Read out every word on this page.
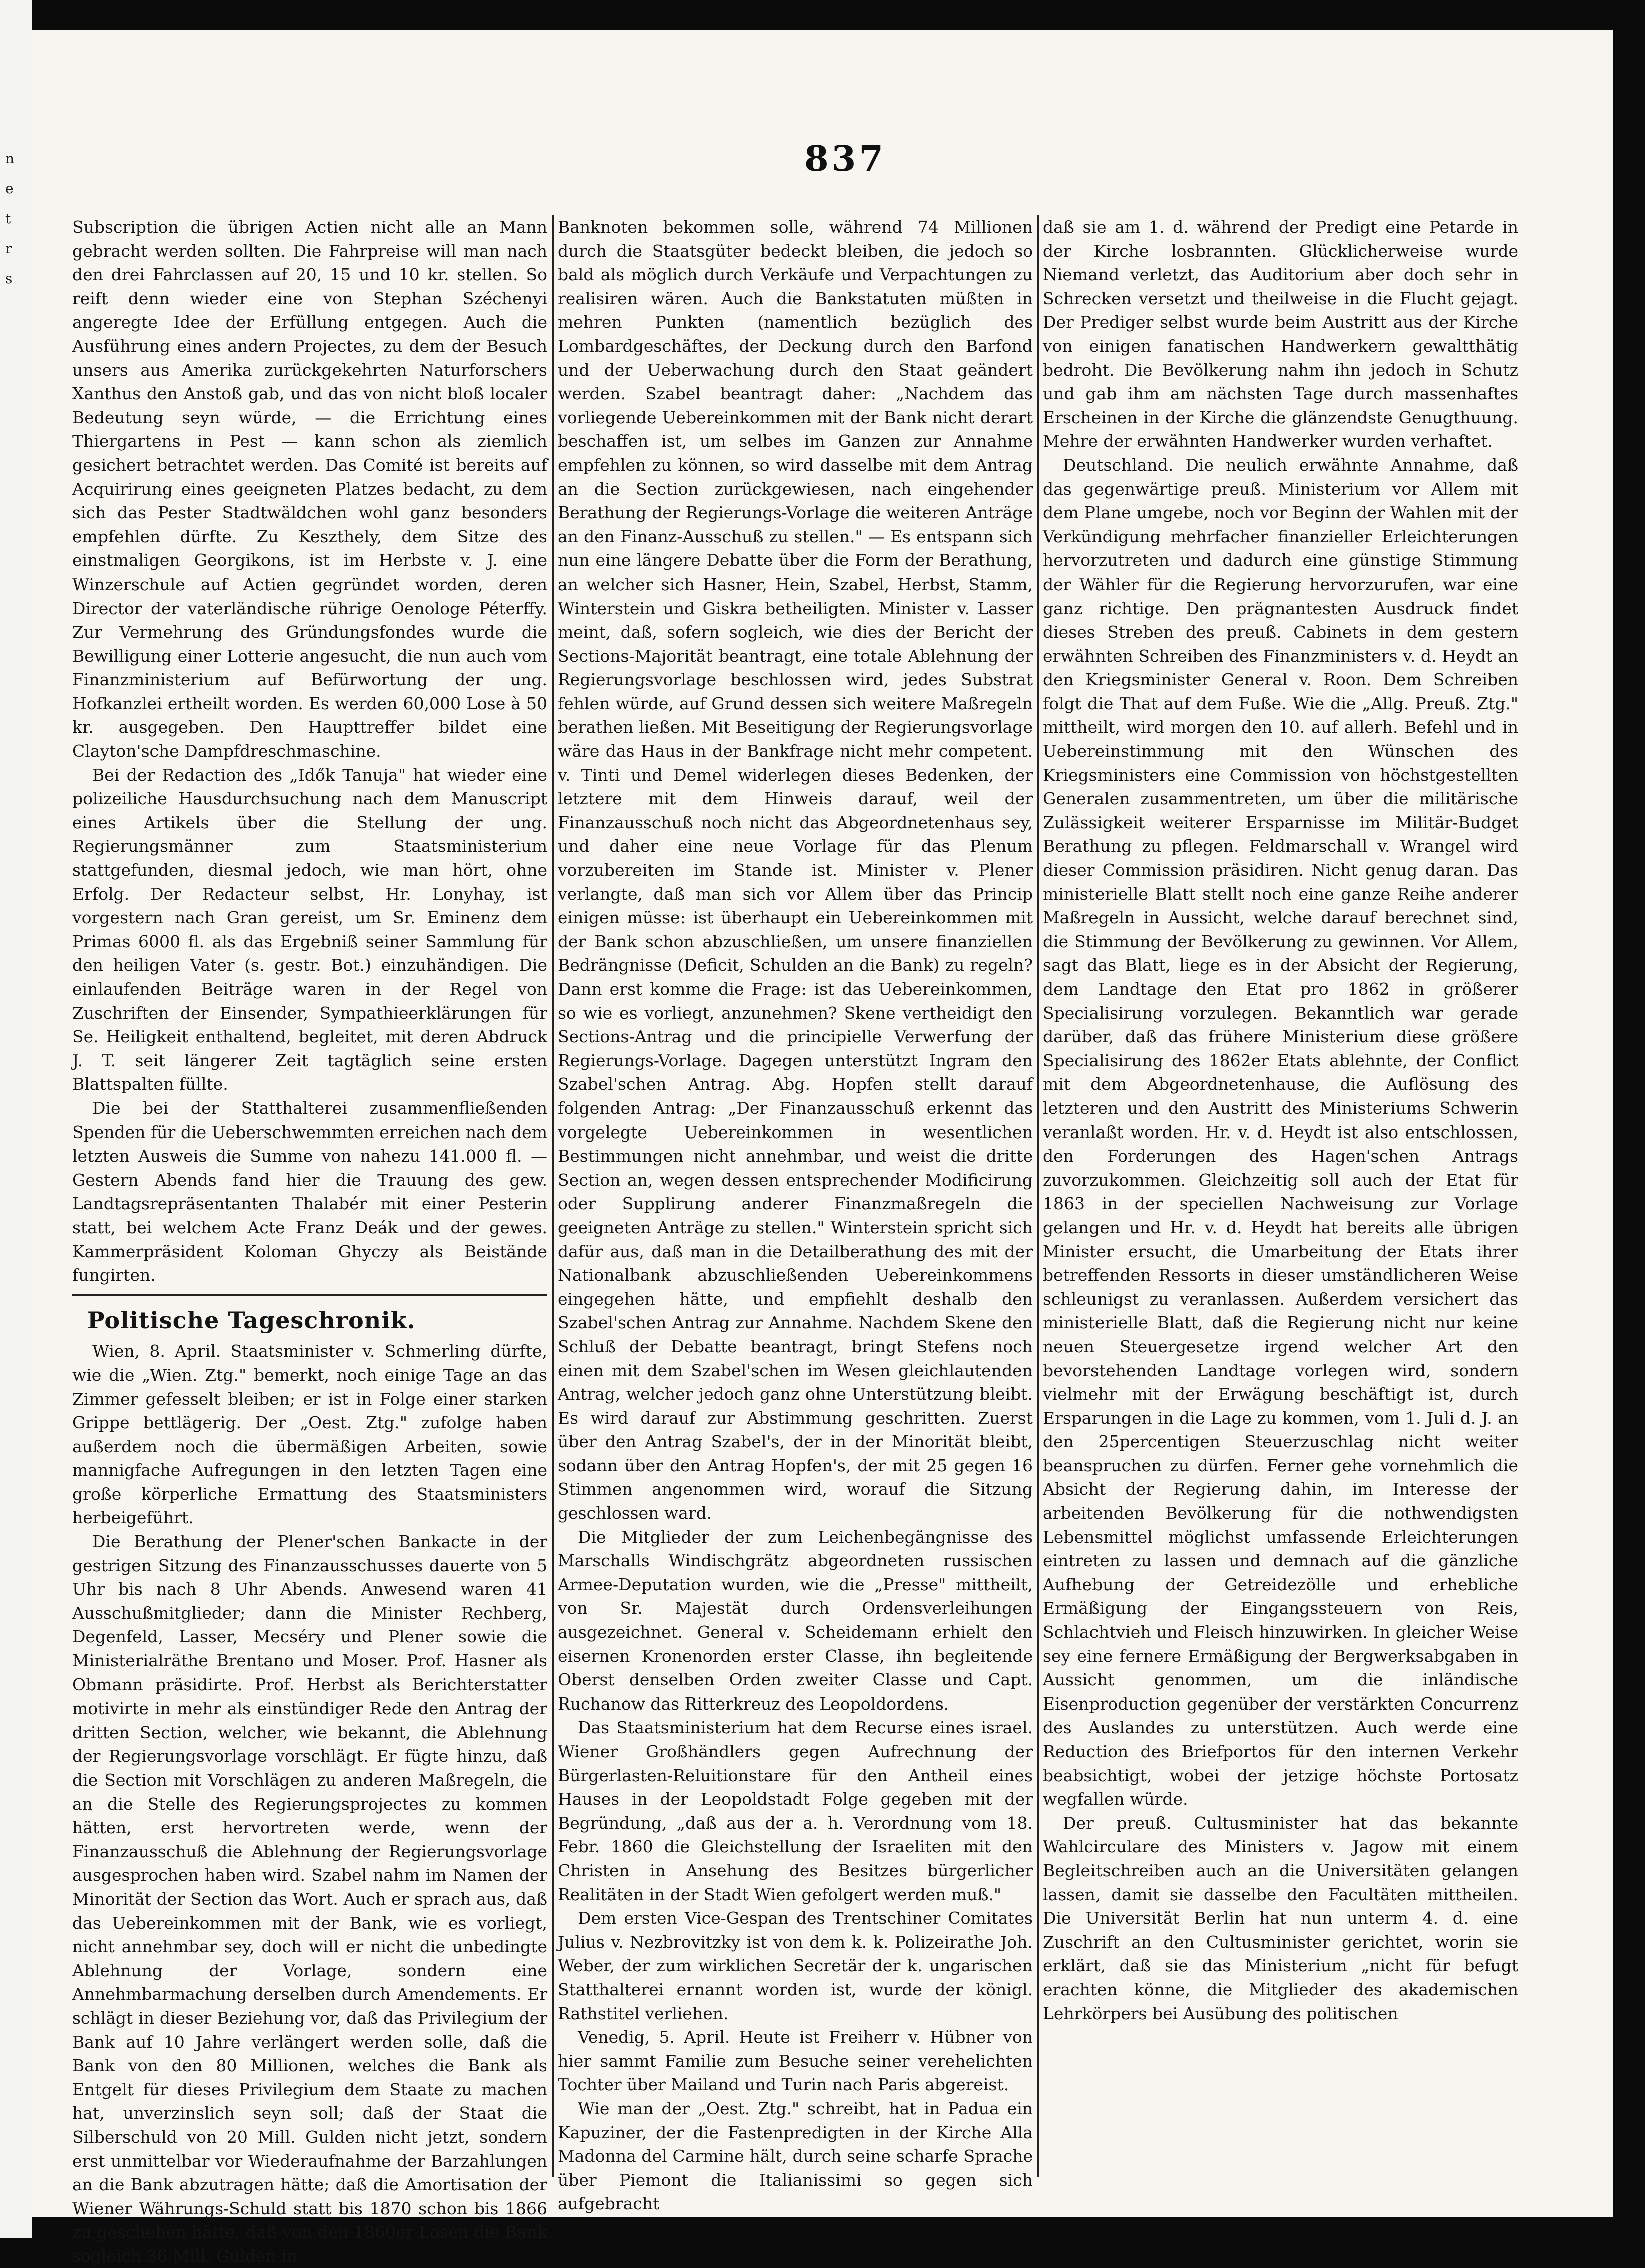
n
e
t
r
s
837

Subscription die übrigen Actien nicht alle an Mann gebracht werden sollten. Die Fahrpreise will man nach den drei Fahrclassen auf 20, 15 und 10 kr. stellen. So reift denn wieder eine von Stephan Széchenyi angeregte Idee der Erfüllung entgegen. Auch die Ausführung eines andern Projectes, zu dem der Besuch unsers aus Amerika zurückgekehrten Naturforschers Xanthus den Anstoß gab, und das von nicht bloß localer Bedeutung seyn würde, — die Errichtung eines Thiergartens in Pest — kann schon als ziemlich gesichert betrachtet werden. Das Comité ist bereits auf Acquirirung eines geeigneten Platzes bedacht, zu dem sich das Pester Stadtwäldchen wohl ganz besonders empfehlen dürfte. Zu Keszthely, dem Sitze des einstmaligen Georgikons, ist im Herbste v. J. eine Winzerschule auf Actien gegründet worden, deren Director der vaterländische rührige Oenologe Péterffy. Zur Vermehrung des Gründungsfondes wurde die Bewilligung einer Lotterie angesucht, die nun auch vom Finanzministerium auf Befürwortung der ung. Hofkanzlei ertheilt worden. Es werden 60,000 Lose à 50 kr. ausgegeben. Den Haupttreffer bildet eine Clayton'sche Dampfdreschmaschine.

Bei der Redaction des „Idők Tanuja" hat wieder eine polizeiliche Hausdurchsuchung nach dem Manuscript eines Artikels über die Stellung der ung. Regierungsmänner zum Staatsministerium stattgefunden, diesmal jedoch, wie man hört, ohne Erfolg. Der Redacteur selbst, Hr. Lonyhay, ist vorgestern nach Gran gereist, um Sr. Eminenz dem Primas 6000 fl. als das Ergebniß seiner Sammlung für den heiligen Vater (s. gestr. Bot.) einzuhändigen. Die einlaufenden Beiträge waren in der Regel von Zuschriften der Einsender, Sympathieerklärungen für Se. Heiligkeit enthaltend, begleitet, mit deren Abdruck J. T. seit längerer Zeit tagtäglich seine ersten Blattspalten füllte.

Die bei der Statthalterei zusammenfließenden Spenden für die Ueberschwemmten erreichen nach dem letzten Ausweis die Summe von nahezu 141.000 fl. — Gestern Abends fand hier die Trauung des gew. Landtagsrepräsentanten Thalabér mit einer Pesterin statt, bei welchem Acte Franz Deák und der gewes. Kammerpräsident Koloman Ghyczy als Beistände fungirten.

Politische Tageschronik.

Wien, 8. April. Staatsminister v. Schmerling dürfte, wie die „Wien. Ztg." bemerkt, noch einige Tage an das Zimmer gefesselt bleiben; er ist in Folge einer starken Grippe bettlägerig. Der „Oest. Ztg." zufolge haben außerdem noch die übermäßigen Arbeiten, sowie mannigfache Aufregungen in den letzten Tagen eine große körperliche Ermattung des Staatsministers herbeigeführt.

Die Berathung der Plener'schen Bankacte in der gestrigen Sitzung des Finanzausschusses dauerte von 5 Uhr bis nach 8 Uhr Abends. Anwesend waren 41 Ausschußmitglieder; dann die Minister Rechberg, Degenfeld, Lasser, Mecséry und Plener sowie die Ministerialräthe Brentano und Moser. Prof. Hasner als Obmann präsidirte. Prof. Herbst als Berichterstatter motivirte in mehr als einstündiger Rede den Antrag der dritten Section, welcher, wie bekannt, die Ablehnung der Regierungsvorlage vorschlägt. Er fügte hinzu, daß die Section mit Vorschlägen zu anderen Maßregeln, die an die Stelle des Regierungsprojectes zu kommen hätten, erst hervortreten werde, wenn der Finanzausschuß die Ablehnung der Regierungsvorlage ausgesprochen haben wird. Szabel nahm im Namen der Minorität der Section das Wort. Auch er sprach aus, daß das Uebereinkommen mit der Bank, wie es vorliegt, nicht annehmbar sey, doch will er nicht die unbedingte Ablehnung der Vorlage, sondern eine Annehmbarmachung derselben durch Amendements. Er schlägt in dieser Beziehung vor, daß das Privilegium der Bank auf 10 Jahre verlängert werden solle, daß die Bank von den 80 Millionen, welches die Bank als Entgelt für dieses Privilegium dem Staate zu machen hat, unverzinslich seyn soll; daß der Staat die Silberschuld von 20 Mill. Gulden nicht jetzt, sondern erst unmittelbar vor Wiederaufnahme der Barzahlungen an die Bank abzutragen hätte; daß die Amortisation der Wiener Währungs-Schuld statt bis 1870 schon bis 1866 zu geschehen hätte, daß von den 1860er Losen die Bank sogleich 36 Mill. Gulden in

Banknoten bekommen solle, während 74 Millionen durch die Staatsgüter bedeckt bleiben, die jedoch so bald als möglich durch Verkäufe und Verpachtungen zu realisiren wären. Auch die Bankstatuten müßten in mehren Punkten (namentlich bezüglich des Lombardgeschäftes, der Deckung durch den Barfond und der Ueberwachung durch den Staat geändert werden. Szabel beantragt daher: „Nachdem das vorliegende Uebereinkommen mit der Bank nicht derart beschaffen ist, um selbes im Ganzen zur Annahme empfehlen zu können, so wird dasselbe mit dem Antrag an die Section zurückgewiesen, nach eingehender Berathung der Regierungs-Vorlage die weiteren Anträge an den Finanz-Ausschuß zu stellen." — Es entspann sich nun eine längere Debatte über die Form der Berathung, an welcher sich Hasner, Hein, Szabel, Herbst, Stamm, Winterstein und Giskra betheiligten. Minister v. Lasser meint, daß, sofern sogleich, wie dies der Bericht der Sections-Majorität beantragt, eine totale Ablehnung der Regierungsvorlage beschlossen wird, jedes Substrat fehlen würde, auf Grund dessen sich weitere Maßregeln berathen ließen. Mit Beseitigung der Regierungsvorlage wäre das Haus in der Bankfrage nicht mehr competent. v. Tinti und Demel widerlegen dieses Bedenken, der letztere mit dem Hinweis darauf, weil der Finanzausschuß noch nicht das Abgeordnetenhaus sey, und daher eine neue Vorlage für das Plenum vorzubereiten im Stande ist. Minister v. Plener verlangte, daß man sich vor Allem über das Princip einigen müsse: ist überhaupt ein Uebereinkommen mit der Bank schon abzuschließen, um unsere finanziellen Bedrängnisse (Deficit, Schulden an die Bank) zu regeln? Dann erst komme die Frage: ist das Uebereinkommen, so wie es vorliegt, anzunehmen? Skene vertheidigt den Sections-Antrag und die principielle Verwerfung der Regierungs-Vorlage. Dagegen unterstützt Ingram den Szabel'schen Antrag. Abg. Hopfen stellt darauf folgenden Antrag: „Der Finanzausschuß erkennt das vorgelegte Uebereinkommen in wesentlichen Bestimmungen nicht annehmbar, und weist die dritte Section an, wegen dessen entsprechender Modificirung oder Supplirung anderer Finanzmaßregeln die geeigneten Anträge zu stellen." Winterstein spricht sich dafür aus, daß man in die Detailberathung des mit der Nationalbank abzuschließenden Uebereinkommens eingegehen hätte, und empfiehlt deshalb den Szabel'schen Antrag zur Annahme. Nachdem Skene den Schluß der Debatte beantragt, bringt Stefens noch einen mit dem Szabel'schen im Wesen gleichlautenden Antrag, welcher jedoch ganz ohne Unterstützung bleibt. Es wird darauf zur Abstimmung geschritten. Zuerst über den Antrag Szabel's, der in der Minorität bleibt, sodann über den Antrag Hopfen's, der mit 25 gegen 16 Stimmen angenommen wird, worauf die Sitzung geschlossen ward.

Die Mitglieder der zum Leichenbegängnisse des Marschalls Windischgrätz abgeordneten russischen Armee-Deputation wurden, wie die „Presse" mittheilt, von Sr. Majestät durch Ordensverleihungen ausgezeichnet. General v. Scheidemann erhielt den eisernen Kronenorden erster Classe, ihn begleitende Oberst denselben Orden zweiter Classe und Capt. Ruchanow das Ritterkreuz des Leopoldordens.

Das Staatsministerium hat dem Recurse eines israel. Wiener Großhändlers gegen Aufrechnung der Bürgerlasten-Reluitionstare für den Antheil eines Hauses in der Leopoldstadt Folge gegeben mit der Begründung, „daß aus der a. h. Verordnung vom 18. Febr. 1860 die Gleichstellung der Israeliten mit den Christen in Ansehung des Besitzes bürgerlicher Realitäten in der Stadt Wien gefolgert werden muß."

Dem ersten Vice-Gespan des Trentschiner Comitates Julius v. Nezbrovitzky ist von dem k. k. Polizeirathe Joh. Weber, der zum wirklichen Secretär der k. ungarischen Statthalterei ernannt worden ist, wurde der königl. Rathstitel verliehen.

Venedig, 5. April. Heute ist Freiherr v. Hübner von hier sammt Familie zum Besuche seiner verehelichten Tochter über Mailand und Turin nach Paris abgereist.

Wie man der „Oest. Ztg." schreibt, hat in Padua ein Kapuziner, der die Fastenpredigten in der Kirche Alla Madonna del Carmine hält, durch seine scharfe Sprache über Piemont die Italianissimi so gegen sich aufgebracht

daß sie am 1. d. während der Predigt eine Petarde in der Kirche losbrannten. Glücklicherweise wurde Niemand verletzt, das Auditorium aber doch sehr in Schrecken versetzt und theilweise in die Flucht gejagt. Der Prediger selbst wurde beim Austritt aus der Kirche von einigen fanatischen Handwerkern gewaltthätig bedroht. Die Bevölkerung nahm ihn jedoch in Schutz und gab ihm am nächsten Tage durch massenhaftes Erscheinen in der Kirche die glänzendste Genugthuung. Mehre der erwähnten Handwerker wurden verhaftet.

Deutschland. Die neulich erwähnte Annahme, daß das gegenwärtige preuß. Ministerium vor Allem mit dem Plane umgebe, noch vor Beginn der Wahlen mit der Verkündigung mehrfacher finanzieller Erleichterungen hervorzutreten und dadurch eine günstige Stimmung der Wähler für die Regierung hervorzurufen, war eine ganz richtige. Den prägnantesten Ausdruck findet dieses Streben des preuß. Cabinets in dem gestern erwähnten Schreiben des Finanzministers v. d. Heydt an den Kriegsminister General v. Roon. Dem Schreiben folgt die That auf dem Fuße. Wie die „Allg. Preuß. Ztg." mittheilt, wird morgen den 10. auf allerh. Befehl und in Uebereinstimmung mit den Wünschen des Kriegsministers eine Commission von höchstgestellten Generalen zusammentreten, um über die militärische Zulässigkeit weiterer Ersparnisse im Militär-Budget Berathung zu pflegen. Feldmarschall v. Wrangel wird dieser Commission präsidiren. Nicht genug daran. Das ministerielle Blatt stellt noch eine ganze Reihe anderer Maßregeln in Aussicht, welche darauf berechnet sind, die Stimmung der Bevölkerung zu gewinnen. Vor Allem, sagt das Blatt, liege es in der Absicht der Regierung, dem Landtage den Etat pro 1862 in größerer Specialisirung vorzulegen. Bekanntlich war gerade darüber, daß das frühere Ministerium diese größere Specialisirung des 1862er Etats ablehnte, der Conflict mit dem Abgeordnetenhause, die Auflösung des letzteren und den Austritt des Ministeriums Schwerin veranlaßt worden. Hr. v. d. Heydt ist also entschlossen, den Forderungen des Hagen'schen Antrags zuvorzukommen. Gleichzeitig soll auch der Etat für 1863 in der speciellen Nachweisung zur Vorlage gelangen und Hr. v. d. Heydt hat bereits alle übrigen Minister ersucht, die Umarbeitung der Etats ihrer betreffenden Ressorts in dieser umständlicheren Weise schleunigst zu veranlassen. Außerdem versichert das ministerielle Blatt, daß die Regierung nicht nur keine neuen Steuergesetze irgend welcher Art den bevorstehenden Landtage vorlegen wird, sondern vielmehr mit der Erwägung beschäftigt ist, durch Ersparungen in die Lage zu kommen, vom 1. Juli d. J. an den 25percentigen Steuerzuschlag nicht weiter beanspruchen zu dürfen. Ferner gehe vornehmlich die Absicht der Regierung dahin, im Interesse der arbeitenden Bevölkerung für die nothwendigsten Lebensmittel möglichst umfassende Erleichterungen eintreten zu lassen und demnach auf die gänzliche Aufhebung der Getreidezölle und erhebliche Ermäßigung der Eingangssteuern von Reis, Schlachtvieh und Fleisch hinzuwirken. In gleicher Weise sey eine fernere Ermäßigung der Bergwerksabgaben in Aussicht genommen, um die inländische Eisenproduction gegenüber der verstärkten Concurrenz des Auslandes zu unterstützen. Auch werde eine Reduction des Briefportos für den internen Verkehr beabsichtigt, wobei der jetzige höchste Portosatz wegfallen würde.

Der preuß. Cultusminister hat das bekannte Wahlcirculare des Ministers v. Jagow mit einem Begleitschreiben auch an die Universitäten gelangen lassen, damit sie dasselbe den Facultäten mittheilen. Die Universität Berlin hat nun unterm 4. d. eine Zuschrift an den Cultusminister gerichtet, worin sie erklärt, daß sie das Ministerium „nicht für befugt erachten könne, die Mitglieder des akademischen Lehrkörpers bei Ausübung des politischen
